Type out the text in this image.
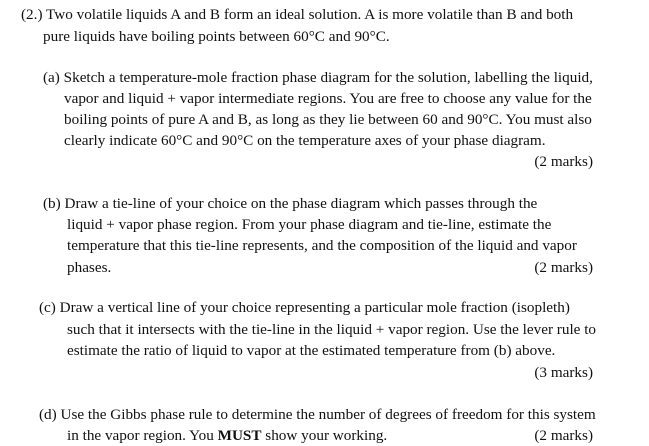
(2.) Two volatile liquids A and B form an ideal solution. A is more volatile than B and both
pure liquids have boiling points between 60°C and 90°C.
(a) Sketch a temperature-mole fraction phase diagram for the solution, labelling the liquid,
vapor and liquid + vapor intermediate regions. You are free to choose any value for the
boiling points of pure A and B, as long as they lie between 60 and 90°C. You must also
clearly indicate 60°C and 90°C on the temperature axes of your phase diagram.
(2 marks)
(b) Draw a tie-line of your choice on the phase diagram which passes through the
liquid + vapor phase region. From your phase diagram and tie-line, estimate the
temperature that this tie-line represents, and the composition of the liquid and vapor
phases.	(2 marks)
(c) Draw a vertical line of your choice representing a particular mole fraction (isopleth)
such that it intersects with the tie-line in the liquid + vapor region. Use the lever rule to
estimate the ratio of liquid to vapor at the estimated temperature from (b) above.
(3 marks)
(d) Use the Gibbs phase rule to determine the number of degrees of freedom for this system
in the vapor region. You MUST show your working.	(2 marks)
